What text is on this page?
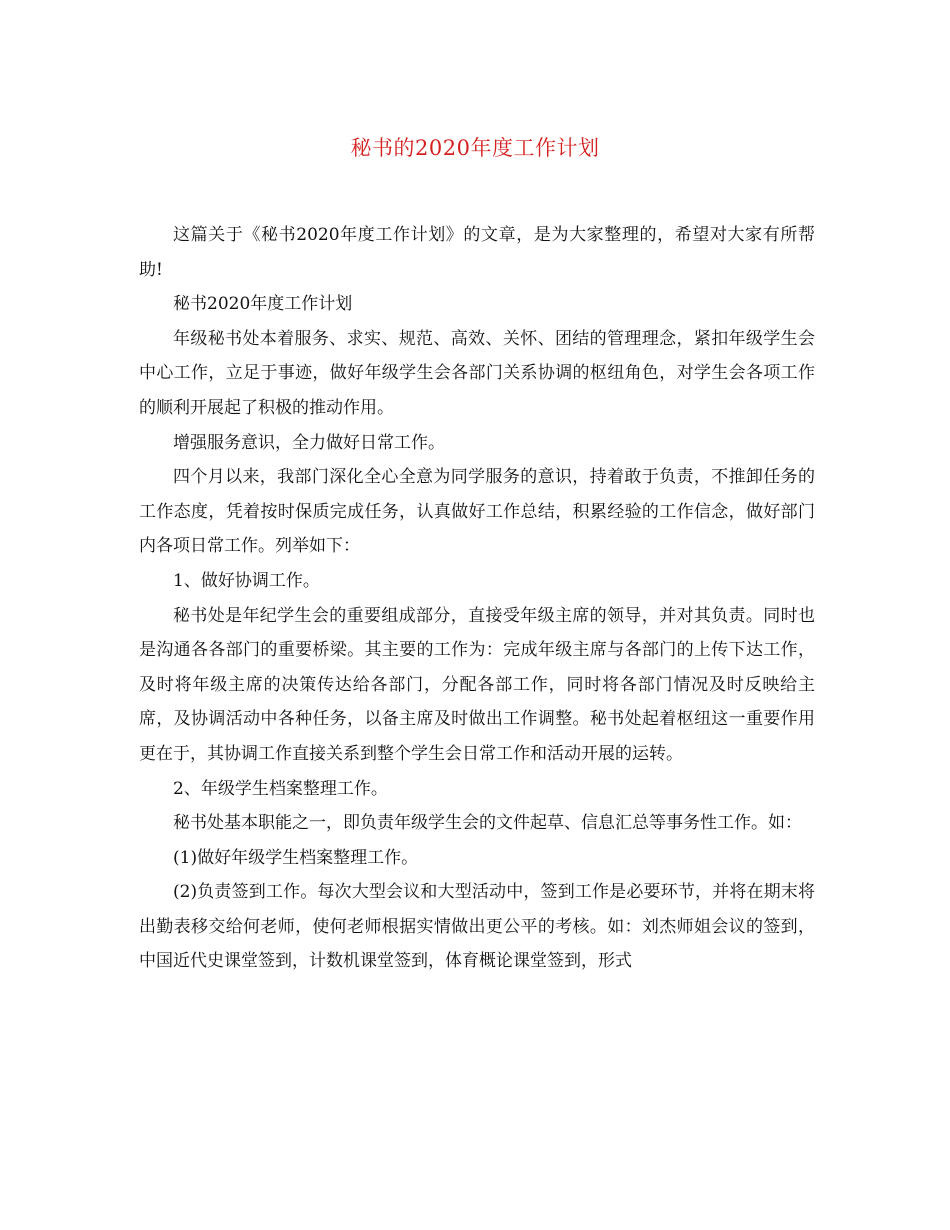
秘书的2020年度工作计划

这篇关于《秘书2020年度工作计划》的文章，是为大家整理的，希望对大家有所帮助!

秘书2020年度工作计划

年级秘书处本着服务、求实、规范、高效、关怀、团结的管理理念，紧扣年级学生会中心工作，立足于事迹，做好年级学生会各部门关系协调的枢纽角色，对学生会各项工作的顺利开展起了积极的推动作用。

增强服务意识，全力做好日常工作。

四个月以来，我部门深化全心全意为同学服务的意识，持着敢于负责，不推卸任务的工作态度，凭着按时保质完成任务，认真做好工作总结，积累经验的工作信念，做好部门内各项日常工作。列举如下：

1、做好协调工作。

秘书处是年纪学生会的重要组成部分，直接受年级主席的领导，并对其负责。同时也是沟通各各部门的重要桥梁。其主要的工作为：完成年级主席与各部门的上传下达工作，及时将年级主席的决策传达给各部门，分配各部工作，同时将各部门情况及时反映给主席，及协调活动中各种任务，以备主席及时做出工作调整。秘书处起着枢纽这一重要作用更在于，其协调工作直接关系到整个学生会日常工作和活动开展的运转。

2、年级学生档案整理工作。

秘书处基本职能之一，即负责年级学生会的文件起草、信息汇总等事务性工作。如：

(1)做好年级学生档案整理工作。

(2)负责签到工作。每次大型会议和大型活动中，签到工作是必要环节，并将在期末将出勤表移交给何老师，使何老师根据实情做出更公平的考核。如：刘杰师姐会议的签到，中国近代史课堂签到，计数机课堂签到，体育概论课堂签到，形式
